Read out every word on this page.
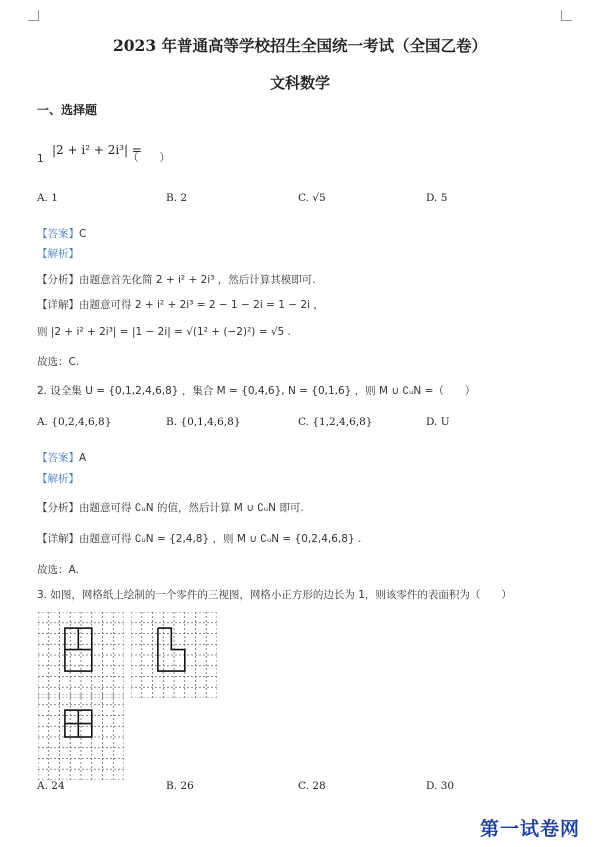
2023 年普通高等学校招生全国统一考试（全国乙卷）
文科数学
一、选择题
1
|2 + i² + 2i³| =
（　　）
A. 1	B. 2	C. √5	D. 5
【答案】C
【解析】
【分析】由题意首先化简 2 + i² + 2i³ ，然后计算其模即可.
【详解】由题意可得 2 + i² + 2i³ = 2 − 1 − 2i = 1 − 2i ，
则 |2 + i² + 2i³| = |1 − 2i| = √(1² + (−2)²) = √5 .
故选：C.
2. 设全集 U = {0,1,2,4,6,8} ，集合 M = {0,4,6}, N = {0,1,6} ，则 M ∪ ∁ᵤN =（　　）
A. {0,2,4,6,8}	B. {0,1,4,6,8}	C. {1,2,4,6,8}	D. U
【答案】A
【解析】
【分析】由题意可得 ∁ᵤN 的值，然后计算 M ∪ ∁ᵤN 即可.
【详解】由题意可得 ∁ᵤN = {2,4,8} ，则 M ∪ ∁ᵤN = {0,2,4,6,8} .
故选：A.
3. 如图，网格纸上绘制的一个零件的三视图，网格小正方形的边长为 1，则该零件的表面积为（　　）
A. 24	B. 26	C. 28	D. 30
第一试卷网
